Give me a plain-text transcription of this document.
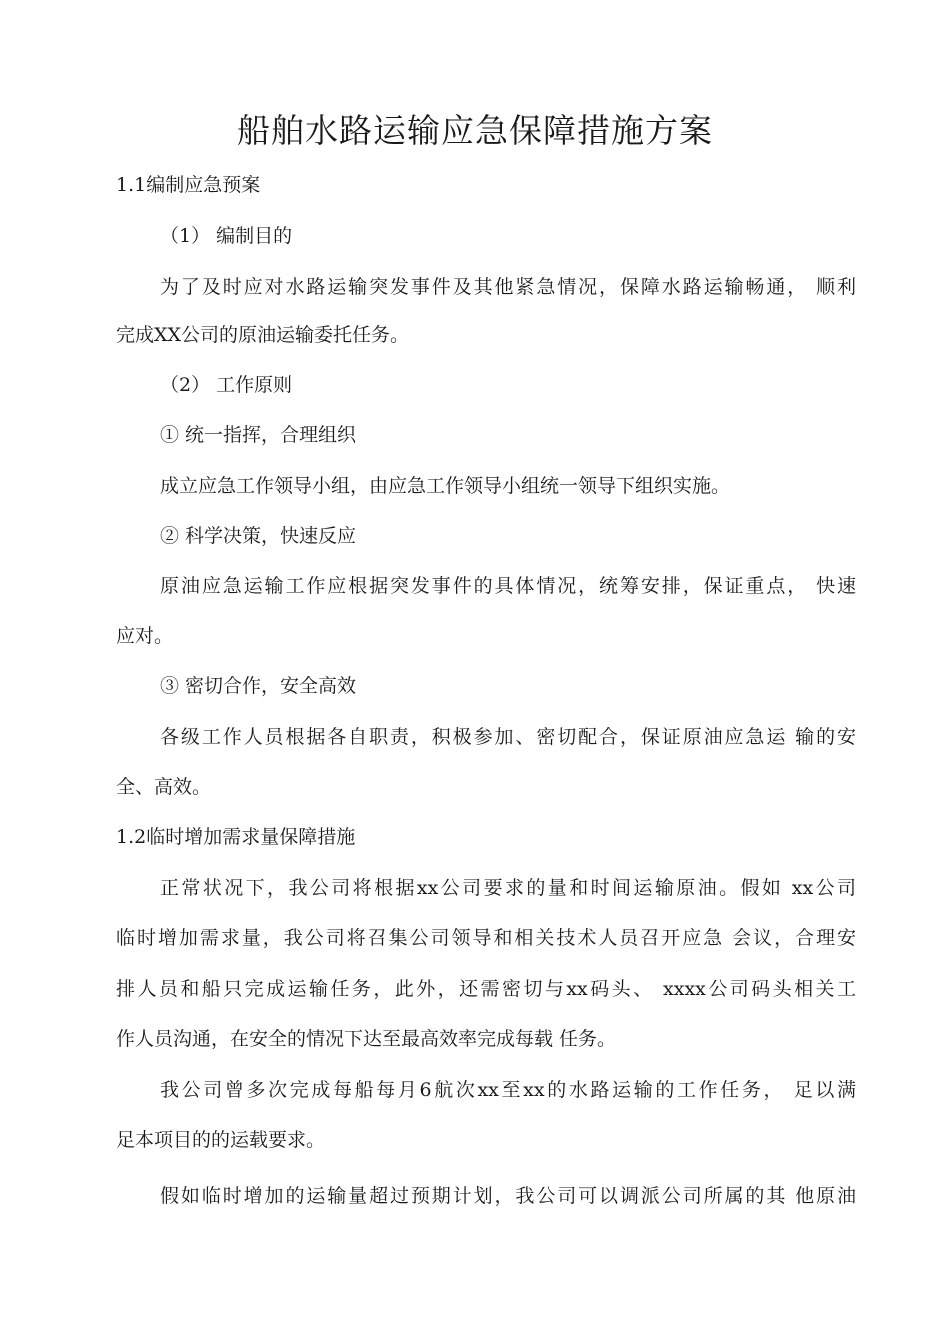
船舶水路运输应急保障措施方案
1.1编制应急预案
（1） 编制目的
为了及时应对水路运输突发事件及其他紧急情况，保障水路运输畅通， 顺利
完成XX公司的原油运输委托任务。
（2） 工作原则
① 统一指挥，合理组织
成立应急工作领导小组，由应急工作领导小组统一领导下组织实施。
② 科学决策，快速反应
原油应急运输工作应根据突发事件的具体情况，统筹安排，保证重点， 快速
应对。
③ 密切合作，安全高效
各级工作人员根据各自职责，积极参加、密切配合，保证原油应急运 输的安
全、高效。
1.2临时增加需求量保障措施
正常状况下，我公司将根据xx公司要求的量和时间运输原油。假如 xx公司
临时增加需求量，我公司将召集公司领导和相关技术人员召开应急 会议，合理安
排人员和船只完成运输任务，此外，还需密切与xx码头、 xxxx公司码头相关工
作人员沟通，在安全的情况下达至最高效率完成每载 任务。
我公司曾多次完成每船每月6航次xx至xx的水路运输的工作任务， 足以满
足本项目的的运载要求。
假如临时增加的运输量超过预期计划，我公司可以调派公司所属的其 他原油
